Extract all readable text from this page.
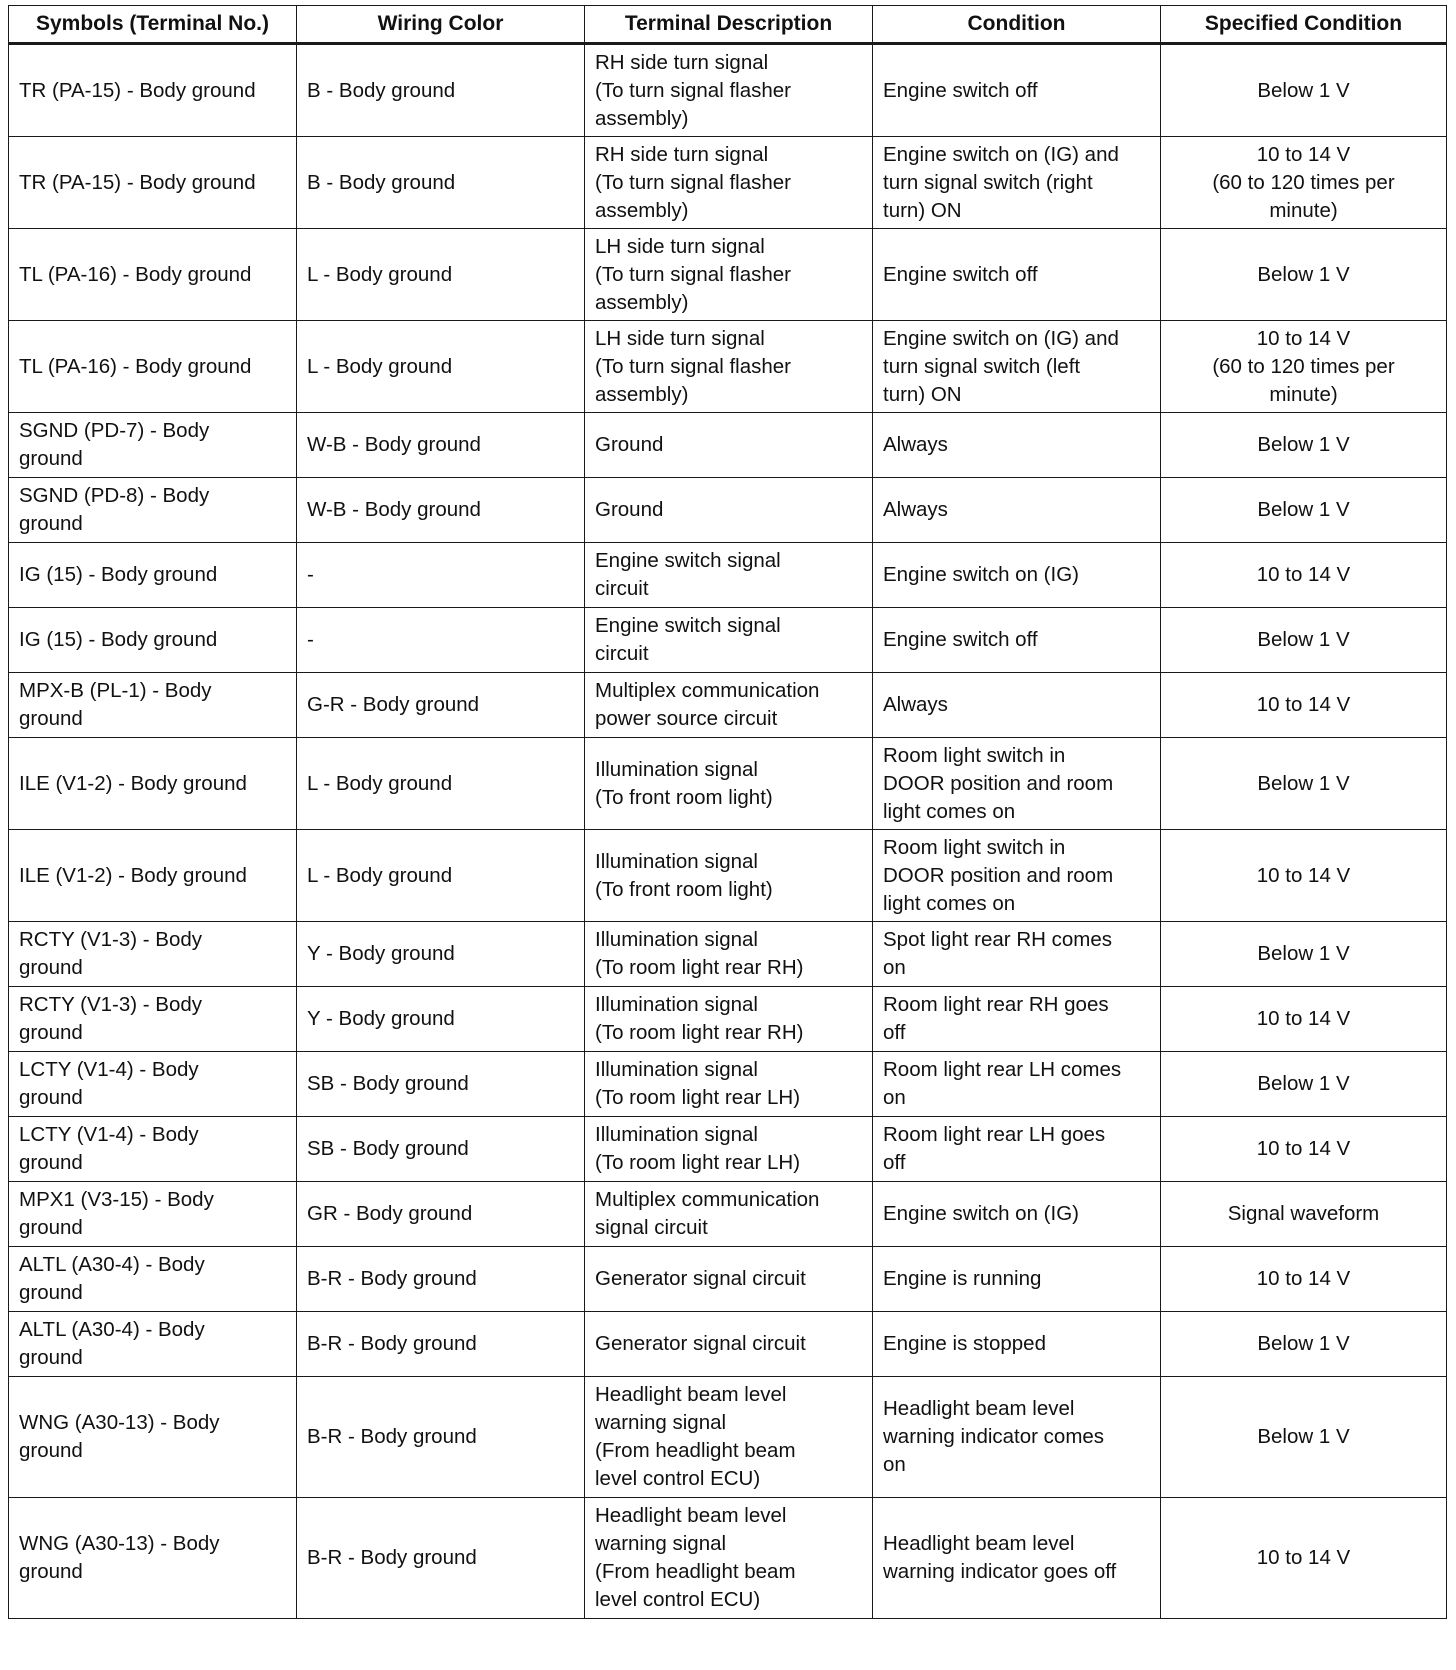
Symbols (Terminal No.)	Wiring Color	Terminal Description	Condition	Specified Condition
TR (PA-15) - Body ground	B - Body ground	RH side turn signal
(To turn signal flasher
assembly)	Engine switch off	Below 1 V
TR (PA-15) - Body ground	B - Body ground	RH side turn signal
(To turn signal flasher
assembly)	Engine switch on (IG) and
turn signal switch (right
turn) ON	10 to 14 V
(60 to 120 times per
minute)
TL (PA-16) - Body ground	L - Body ground	LH side turn signal
(To turn signal flasher
assembly)	Engine switch off	Below 1 V
TL (PA-16) - Body ground	L - Body ground	LH side turn signal
(To turn signal flasher
assembly)	Engine switch on (IG) and
turn signal switch (left
turn) ON	10 to 14 V
(60 to 120 times per
minute)
SGND (PD-7) - Body
ground	W-B - Body ground	Ground	Always	Below 1 V
SGND (PD-8) - Body
ground	W-B - Body ground	Ground	Always	Below 1 V
IG (15) - Body ground	-	Engine switch signal
circuit	Engine switch on (IG)	10 to 14 V
IG (15) - Body ground	-	Engine switch signal
circuit	Engine switch off	Below 1 V
MPX-B (PL-1) - Body
ground	G-R - Body ground	Multiplex communication
power source circuit	Always	10 to 14 V
ILE (V1-2) - Body ground	L - Body ground	Illumination signal
(To front room light)	Room light switch in
DOOR position and room
light comes on	Below 1 V
ILE (V1-2) - Body ground	L - Body ground	Illumination signal
(To front room light)	Room light switch in
DOOR position and room
light comes on	10 to 14 V
RCTY (V1-3) - Body
ground	Y - Body ground	Illumination signal
(To room light rear RH)	Spot light rear RH comes
on	Below 1 V
RCTY (V1-3) - Body
ground	Y - Body ground	Illumination signal
(To room light rear RH)	Room light rear RH goes
off	10 to 14 V
LCTY (V1-4) - Body
ground	SB - Body ground	Illumination signal
(To room light rear LH)	Room light rear LH comes
on	Below 1 V
LCTY (V1-4) - Body
ground	SB - Body ground	Illumination signal
(To room light rear LH)	Room light rear LH goes
off	10 to 14 V
MPX1 (V3-15) - Body
ground	GR - Body ground	Multiplex communication
signal circuit	Engine switch on (IG)	Signal waveform
ALTL (A30-4) - Body
ground	B-R - Body ground	Generator signal circuit	Engine is running	10 to 14 V
ALTL (A30-4) - Body
ground	B-R - Body ground	Generator signal circuit	Engine is stopped	Below 1 V
WNG (A30-13) - Body
ground	B-R - Body ground	Headlight beam level
warning signal
(From headlight beam
level control ECU)	Headlight beam level
warning indicator comes
on	Below 1 V
WNG (A30-13) - Body
ground	B-R - Body ground	Headlight beam level
warning signal
(From headlight beam
level control ECU)	Headlight beam level
warning indicator goes off	10 to 14 V
